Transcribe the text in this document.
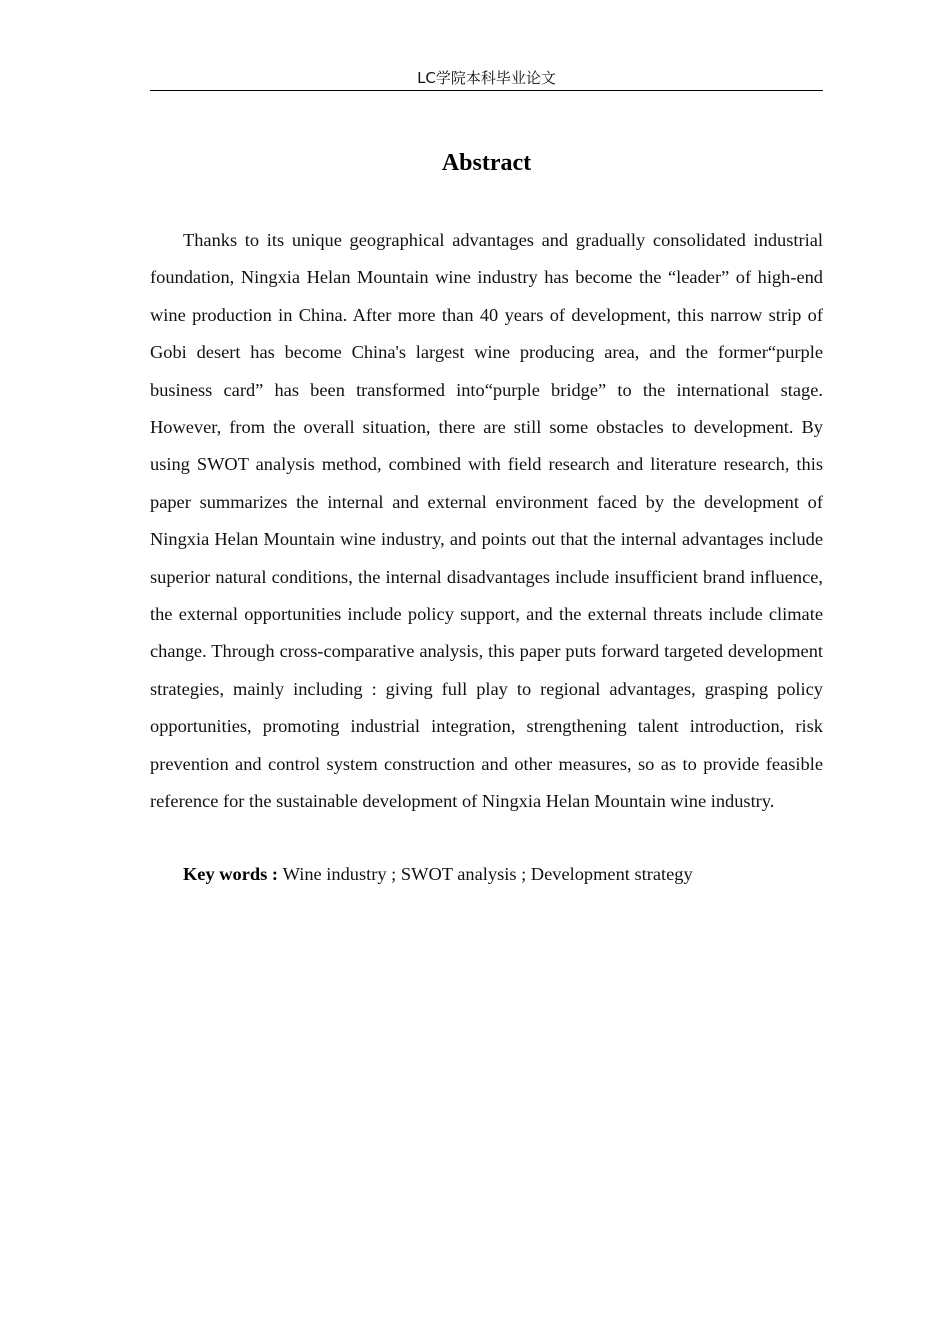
LC学院本科毕业论文
Abstract

Thanks to its unique geographical advantages and gradually consolidated industrial foundation, Ningxia Helan Mountain wine industry has become the “leader” of high-end wine production in China. After more than 40 years of development, this narrow strip of Gobi desert has become China's largest wine producing area, and the former“purple business card” has been transformed into“purple bridge” to the international stage. However, from the overall situation, there are still some obstacles to development. By using SWOT analysis method, combined with field research and literature research, this paper summarizes the internal and external environment faced by the development of Ningxia Helan Mountain wine industry, and points out that the internal advantages include superior natural conditions, the internal disadvantages include insufficient brand influence, the external opportunities include policy support, and the external threats include climate change. Through cross-comparative analysis, this paper puts forward targeted development strategies, mainly including : giving full play to regional advantages, grasping policy opportunities, promoting industrial integration, strengthening talent introduction, risk prevention and control system construction and other measures, so as to provide feasible reference for the sustainable development of Ningxia Helan Mountain wine industry.

Key words : Wine industry ; SWOT analysis ; Development strategy
